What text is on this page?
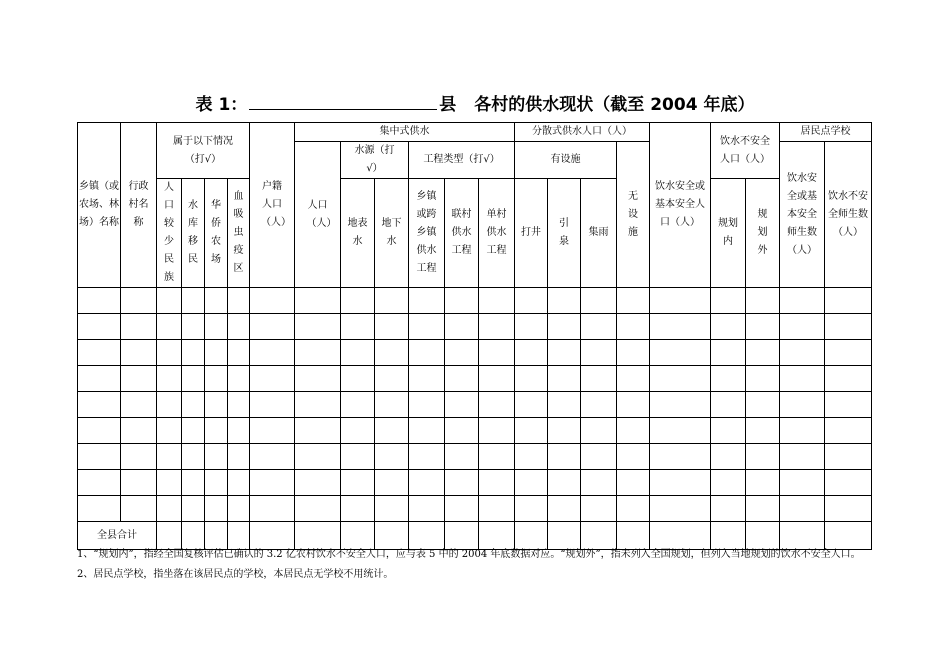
表 1：	县 各村的供水现状（截至 2004 年底）
乡镇（或农场、林场）名称	行政村名称	属于以下情况（打√）				户籍人口（人）	集中式供水						分散式供水人口（人）				饮水安全或基本安全人口（人）	饮水不安全人口（人）		居民点学校	
							人口（人）	水源（打√）		工程类型（打√）			有设施			无设施				饮水安全或基本安全师生数（人）	饮水不安全师生数（人）
		人口较少民族	水库移民	华侨农场	血吸虫疫区			地表水	地下水	乡镇或跨乡镇供水工程	联村供水工程	单村供水工程	打井	引泉	集雨			规划内	规划外		

全县合计																					
1、“规划内”，指经全国复核评估已确认的 3.2 亿农村饮水不安全人口，应与表 5 中的 2004 年底数据对应。“规划外”，指未列入全国规划，但列入当地规划的饮水不安全人口。2、居民点学校，指坐落在该居民点的学校，本居民点无学校不用统计。
